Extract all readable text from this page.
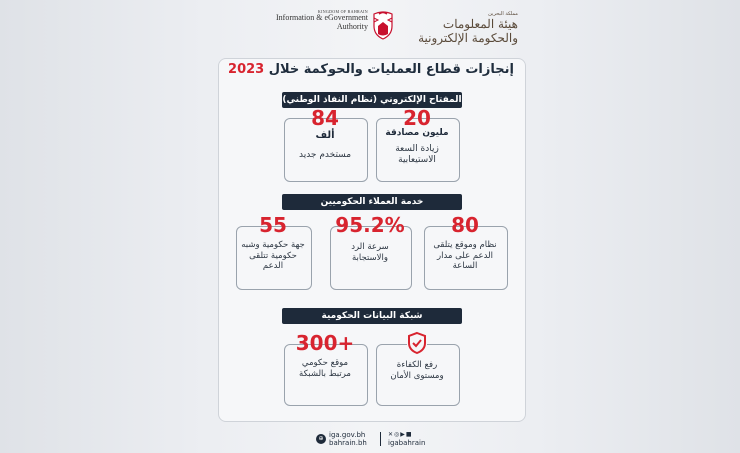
KINGDOM OF BAHRAIN
Information & eGovernment
Authority
مملكة البحرين
هيئة المعلومات والحكومة الإلكترونية
إنجازات قطاع العمليات والحوكمة خلال 2023
المفتاح الإلكتروني (نظام النفاذ الوطني)
84
ألف
مستخدم جديد
20
مليون مصادقة
زيادة السعة الاستيعابية
خدمة العملاء الحكوميين
55
جهة حكومية وشبه حكومية تتلقى الدعم
95.2%
سرعة الرد والاستجابة
80
نظام وموقع يتلقى الدعم على مدار الساعة
شبكة البيانات الحكومية
300+
موقع حكومي مرتبط بالشبكة
رفع الكفاءة ومستوى الأمان
⊕ iga.gov.bh
bahrain.bh
✕◎▶■
igabahrain
